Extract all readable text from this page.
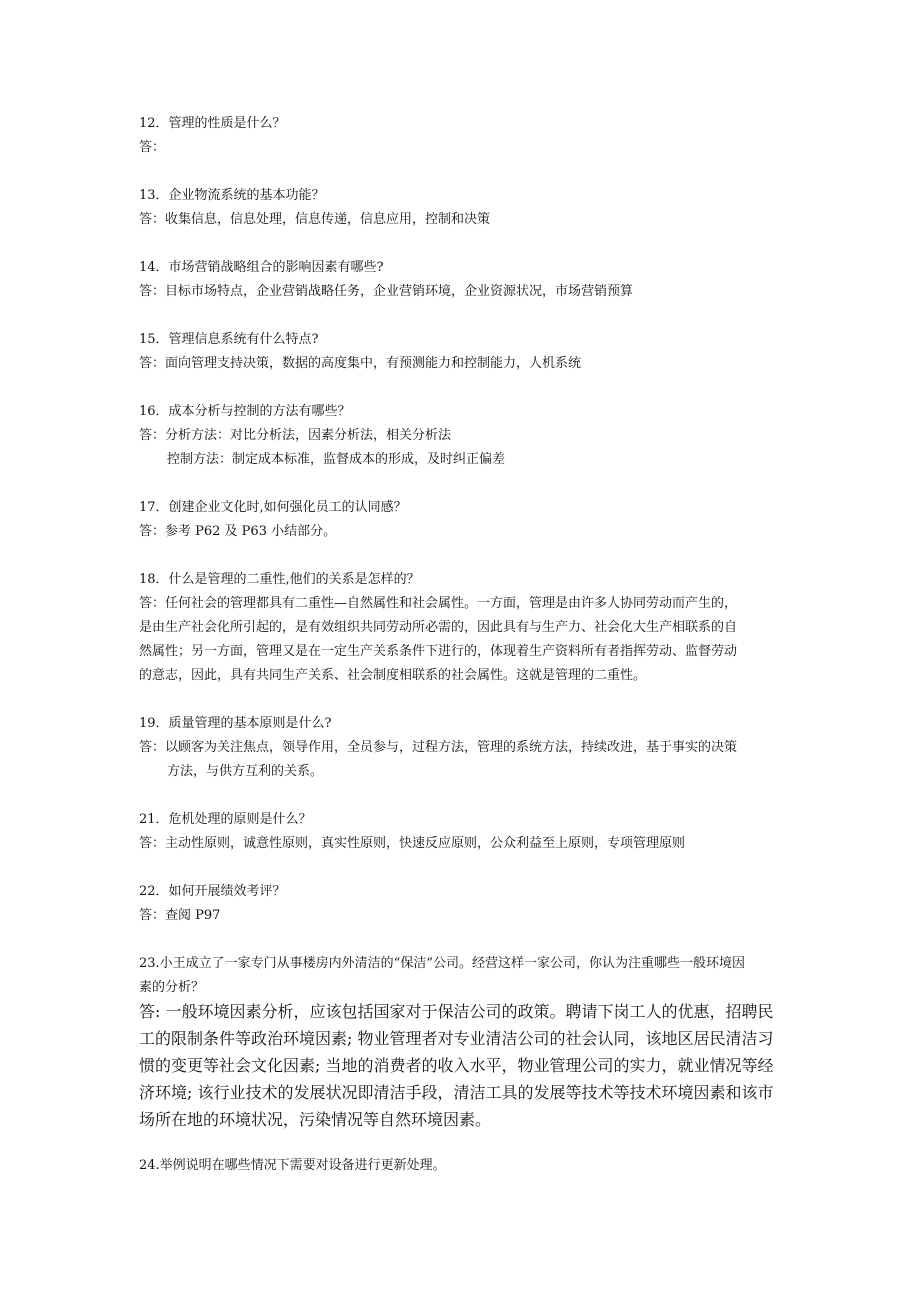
12．管理的性质是什么？
答：
13．企业物流系统的基本功能？
答：收集信息，信息处理，信息传递，信息应用，控制和决策
14．市场营销战略组合的影响因素有哪些?
答：目标市场特点，企业营销战略任务，企业营销环境，企业资源状况，市场营销预算
15．管理信息系统有什么特点?
答：面向管理支持决策，数据的高度集中，有预测能力和控制能力，人机系统
16．成本分析与控制的方法有哪些？
答：分析方法：对比分析法，因素分析法，相关分析法
控制方法：制定成本标准，监督成本的形成，及时纠正偏差
17．创建企业文化时,如何强化员工的认同感？
答：参考 P62 及 P63 小结部分。
18．什么是管理的二重性,他们的关系是怎样的？
答：任何社会的管理都具有二重性—自然属性和社会属性。一方面，管理是由许多人协同劳动而产生的，
是由生产社会化所引起的，是有效组织共同劳动所必需的，因此具有与生产力、社会化大生产相联系的自
然属性；另一方面，管理又是在一定生产关系条件下进行的，体现着生产资料所有者指挥劳动、监督劳动
的意志，因此，具有共同生产关系、社会制度相联系的社会属性。这就是管理的二重性。
19．质量管理的基本原则是什么?
答：以顾客为关注焦点，领导作用，全员参与，过程方法，管理的系统方法，持续改进，基于事实的决策
方法，与供方互利的关系。
21．危机处理的原则是什么？
答：主动性原则，诚意性原则，真实性原则，快速反应原则，公众利益至上原则，专项管理原则
22．如何开展绩效考评？
答：查阅 P97
23.小王成立了一家专门从事楼房内外清洁的“保洁”公司。经营这样一家公司，你认为注重哪些一般环境因
素的分析？
答: 一般环境因素分析，应该包括国家对于保洁公司的政策。聘请下岗工人的优惠，招聘民
工的限制条件等政治环境因素; 物业管理者对专业清洁公司的社会认同，该地区居民清洁习
惯的变更等社会文化因素; 当地的消费者的收入水平，物业管理公司的实力，就业情况等经
济环境; 该行业技术的发展状况即清洁手段，清洁工具的发展等技术等技术环境因素和该市
场所在地的环境状况，污染情况等自然环境因素。
24.举例说明在哪些情况下需要对设备进行更新处理。
